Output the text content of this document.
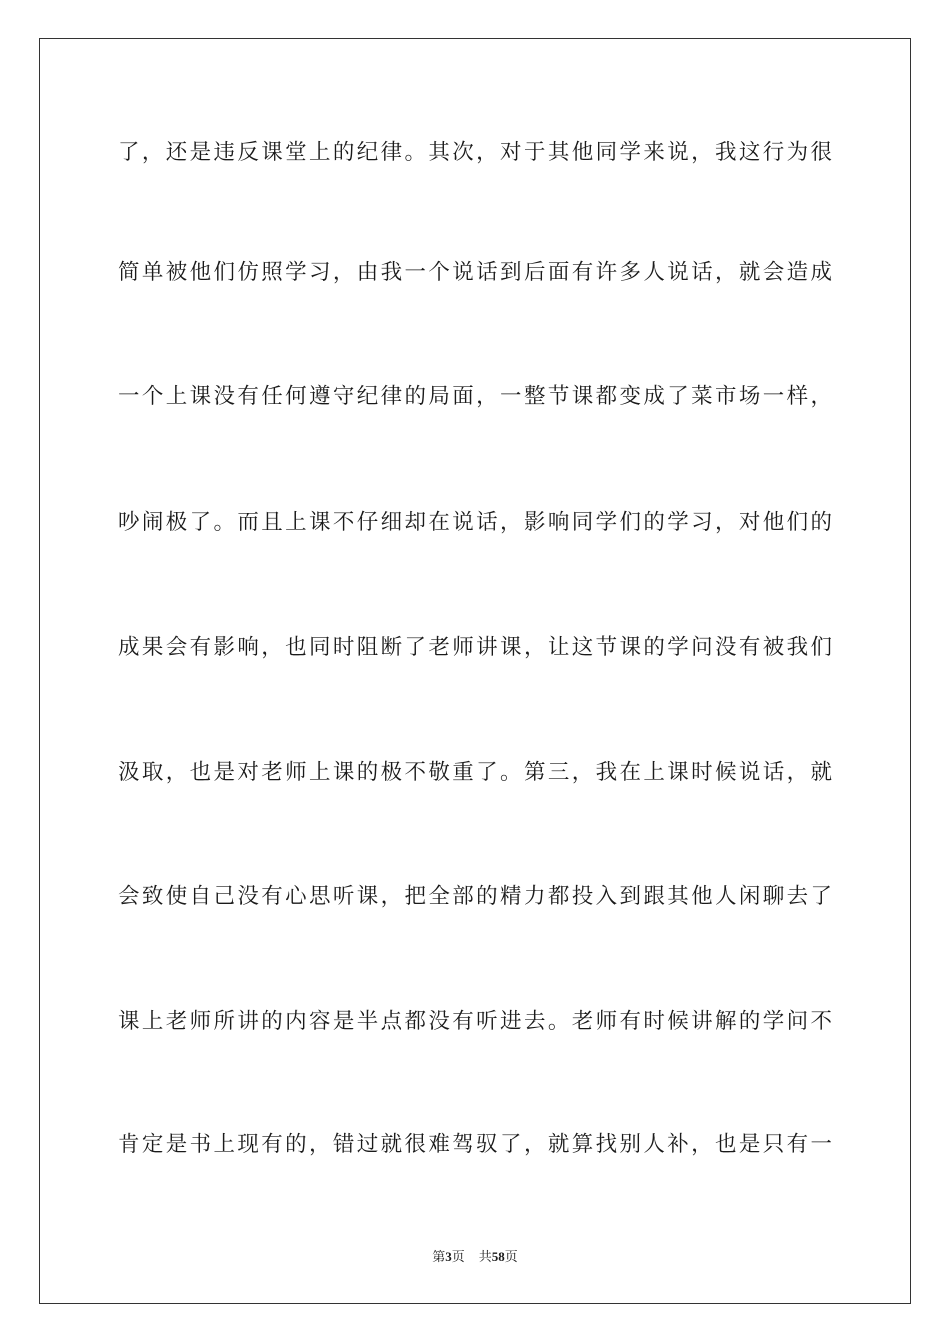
了，还是违反课堂上的纪律。其次，对于其他同学来说，我这行为很
简单被他们仿照学习，由我一个说话到后面有许多人说话，就会造成
一个上课没有任何遵守纪律的局面，一整节课都变成了菜市场一样，
吵闹极了。而且上课不仔细却在说话，影响同学们的学习，对他们的
成果会有影响，也同时阻断了老师讲课，让这节课的学问没有被我们
汲取，也是对老师上课的极不敬重了。第三，我在上课时候说话，就
会致使自己没有心思听课，把全部的精力都投入到跟其他人闲聊去了
课上老师所讲的内容是半点都没有听进去。老师有时候讲解的学问不
肯定是书上现有的，错过就很难驾驭了，就算找别人补，也是只有一
第3页 共58页
